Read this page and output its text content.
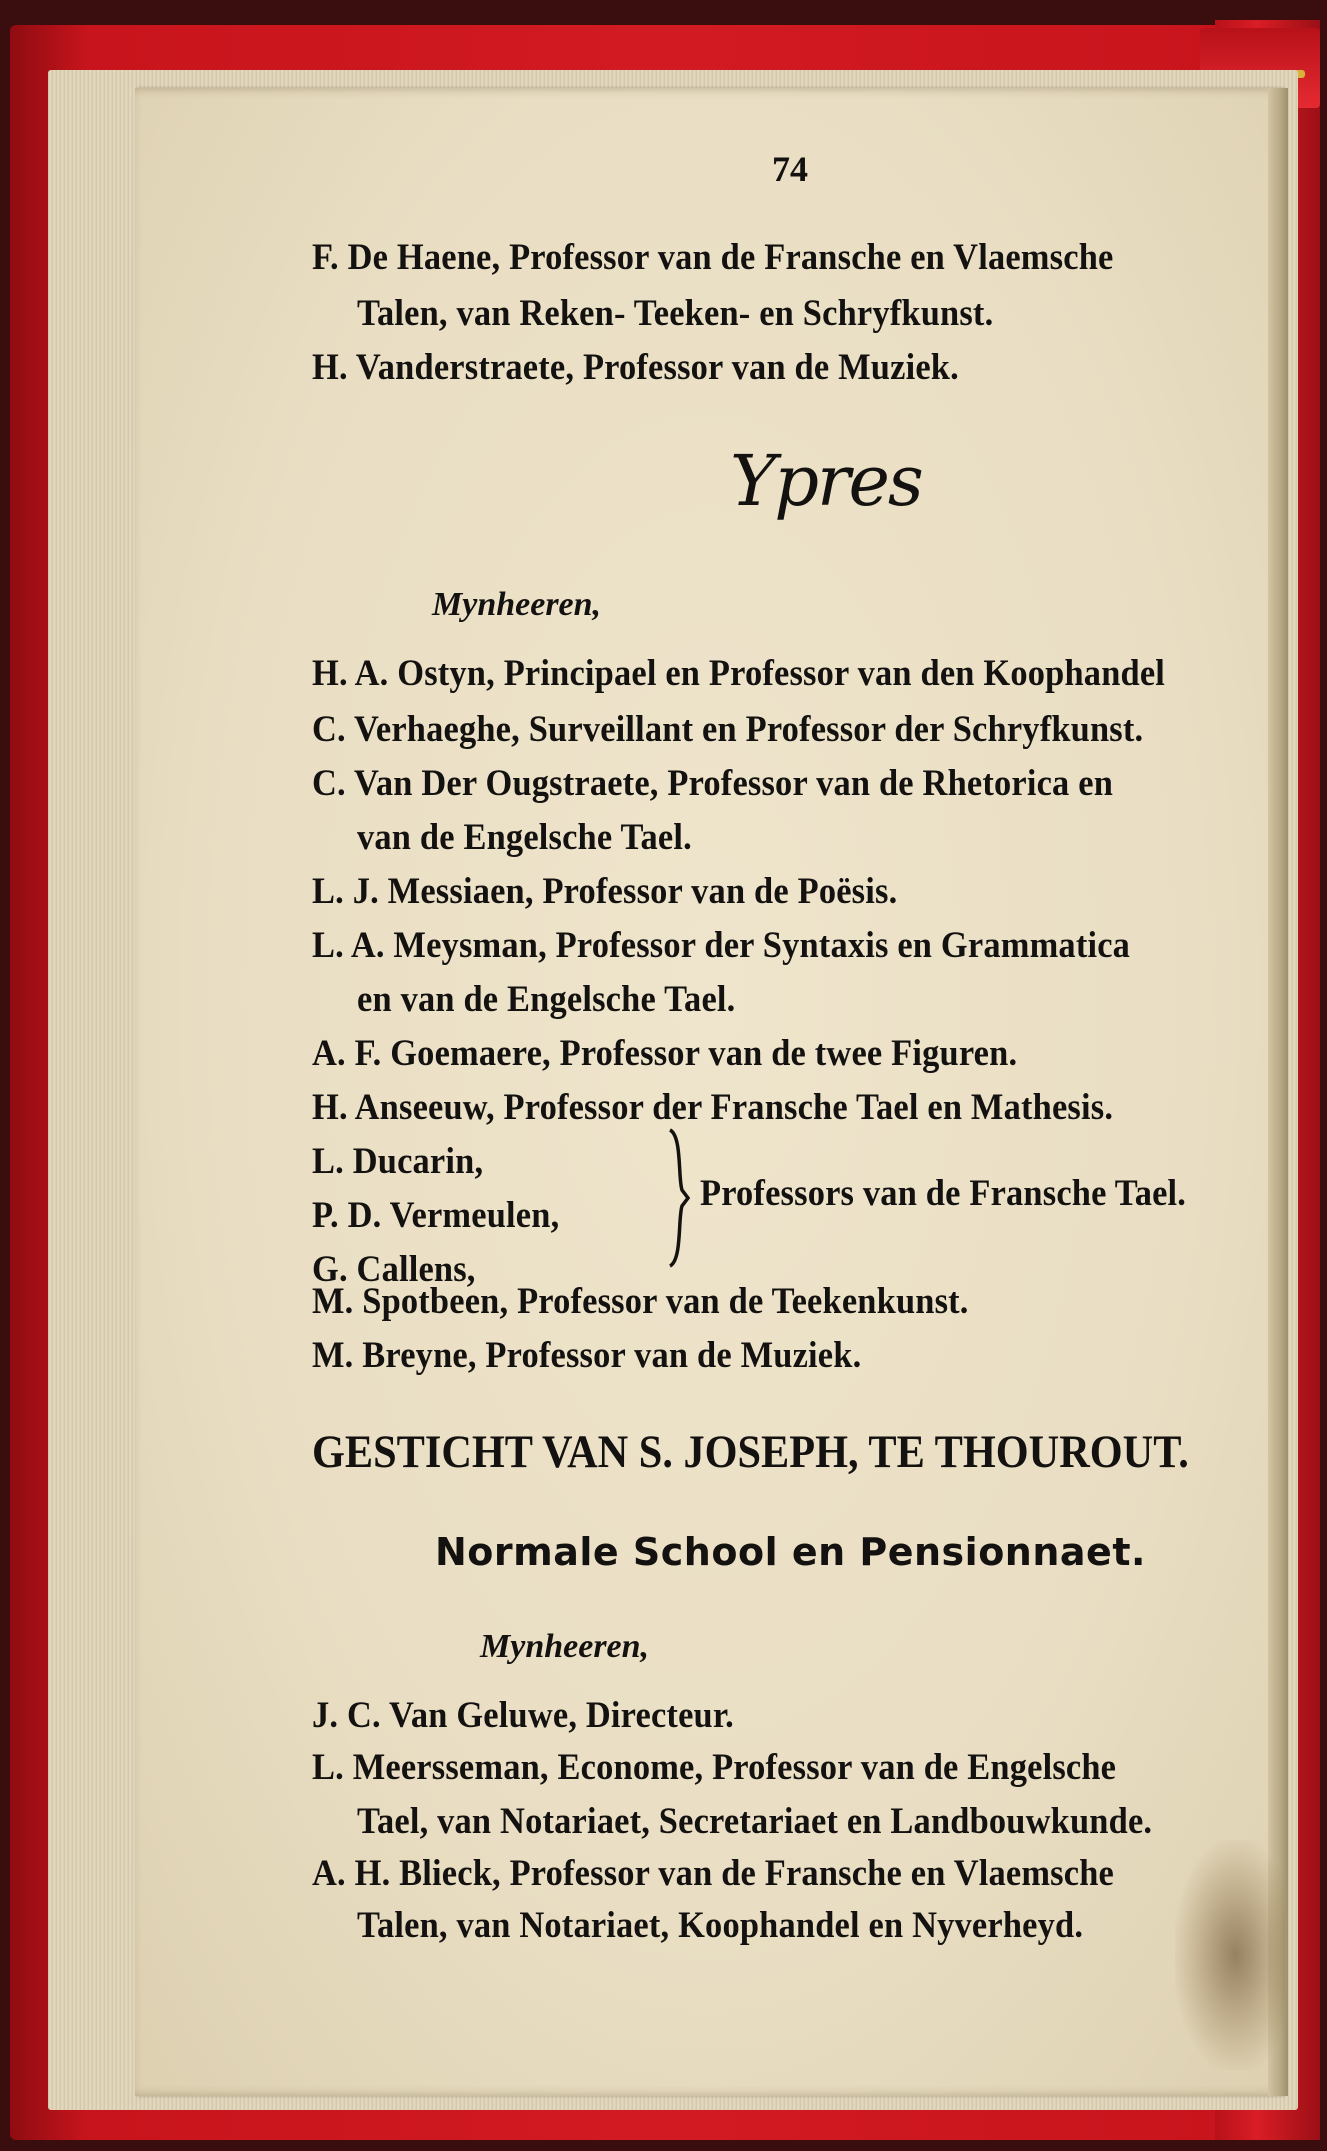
74
F. De Haene, Professor van de Fransche en Vlaemsche
Talen, van Reken- Teeken- en Schryfkunst.
H. Vanderstraete, Professor van de Muziek.
Ypres
Mynheeren,
H. A. Ostyn, Principael en Professor van den Koophandel
C. Verhaeghe, Surveillant en Professor der Schryfkunst.
C. Van Der Ougstraete, Professor van de Rhetorica en
van de Engelsche Tael.
L. J. Messiaen, Professor van de Poësis.
L. A. Meysman, Professor der Syntaxis en Grammatica
en van de Engelsche Tael.
A. F. Goemaere, Professor van de twee Figuren.
H. Anseeuw, Professor der Fransche Tael en Mathesis.
L. Ducarin,
P. D. Vermeulen,
G. Callens,
Professors van de Fransche Tael.
M. Spotbeen, Professor van de Teekenkunst.
M. Breyne, Professor van de Muziek.
GESTICHT VAN S. JOSEPH, TE THOUROUT.
Normale School en Pensionnaet.
Mynheeren,
J. C. Van Geluwe, Directeur.
L. Meersseman, Econome, Professor van de Engelsche
Tael, van Notariaet, Secretariaet en Landbouwkunde.
A. H. Blieck, Professor van de Fransche en Vlaemsche
Talen, van Notariaet, Koophandel en Nyverheyd.
